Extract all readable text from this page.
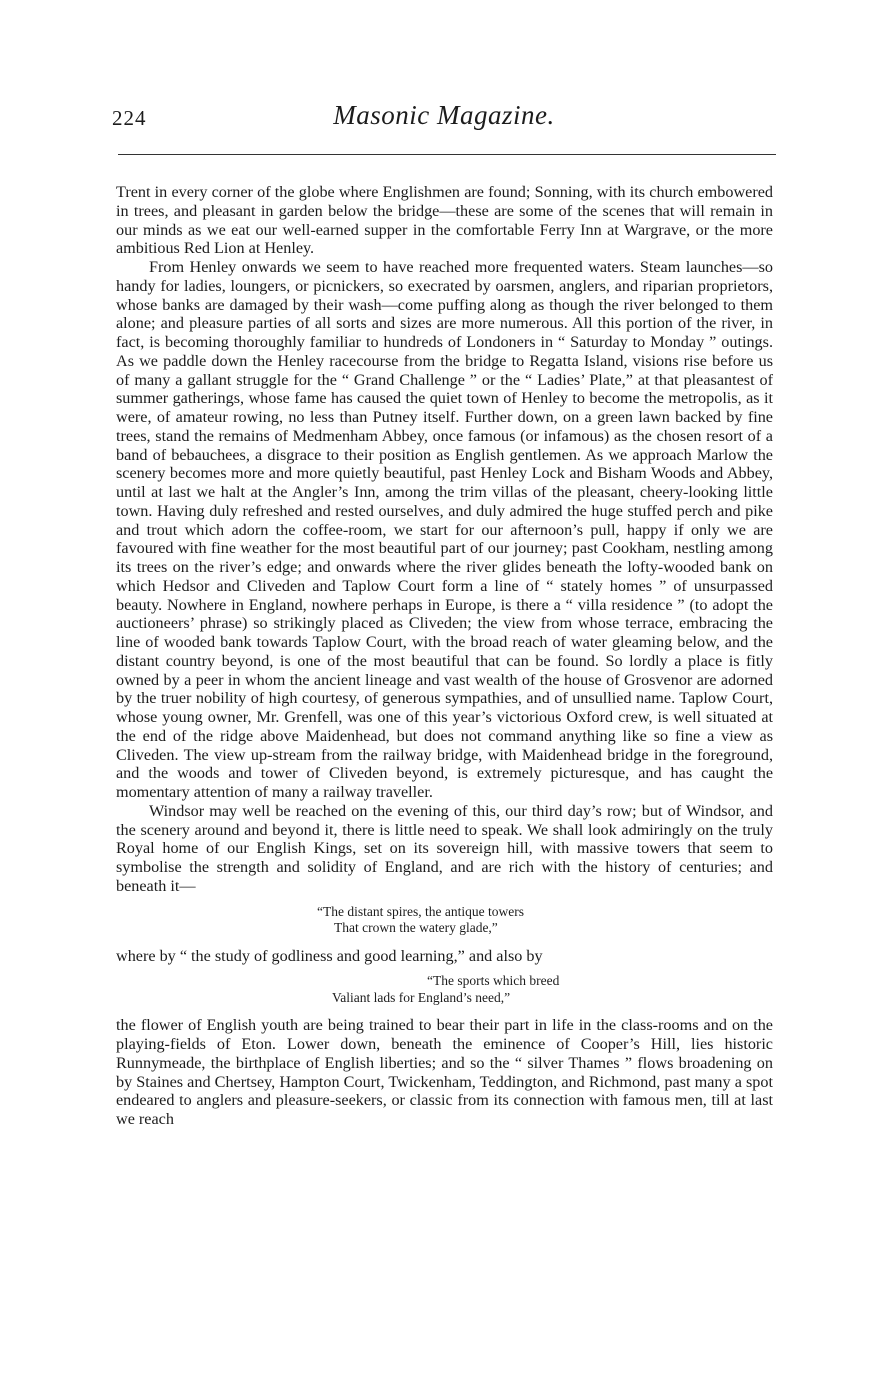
224	Masonic Magazine.

Trent in every corner of the globe where Englishmen are found; Sonning, with its church embowered in trees, and pleasant in garden below the bridge—these are some of the scenes that will remain in our minds as we eat our well-earned supper in the comfortable Ferry Inn at Wargrave, or the more ambitious Red Lion at Henley.

From Henley onwards we seem to have reached more frequented waters. Steam launches—so handy for ladies, loungers, or picnickers, so execrated by oarsmen, anglers, and riparian proprietors, whose banks are damaged by their wash—come puffing along as though the river belonged to them alone; and pleasure parties of all sorts and sizes are more numerous. All this portion of the river, in fact, is becoming thoroughly familiar to hundreds of Londoners in “ Saturday to Monday ” outings. As we paddle down the Henley racecourse from the bridge to Regatta Island, visions rise before us of many a gallant struggle for the “ Grand Challenge ” or the “ Ladies’ Plate,” at that pleasantest of summer gatherings, whose fame has caused the quiet town of Henley to become the metropolis, as it were, of amateur rowing, no less than Putney itself. Further down, on a green lawn backed by fine trees, stand the remains of Medmenham Abbey, once famous (or infamous) as the chosen resort of a band of bebauchees, a disgrace to their position as English gentlemen. As we approach Marlow the scenery becomes more and more quietly beautiful, past Henley Lock and Bisham Woods and Abbey, until at last we halt at the Angler’s Inn, among the trim villas of the pleasant, cheery-looking little town. Having duly refreshed and rested ourselves, and duly admired the huge stuffed perch and pike and trout which adorn the coffee-room, we start for our afternoon’s pull, happy if only we are favoured with fine weather for the most beautiful part of our journey; past Cookham, nestling among its trees on the river’s edge; and onwards where the river glides beneath the lofty-wooded bank on which Hedsor and Cliveden and Taplow Court form a line of “ stately homes ” of unsurpassed beauty. Nowhere in England, nowhere perhaps in Europe, is there a “ villa residence ” (to adopt the auctioneers’ phrase) so strikingly placed as Cliveden; the view from whose terrace, embracing the line of wooded bank towards Taplow Court, with the broad reach of water gleaming below, and the distant country beyond, is one of the most beautiful that can be found. So lordly a place is fitly owned by a peer in whom the ancient lineage and vast wealth of the house of Grosvenor are adorned by the truer nobility of high courtesy, of generous sympathies, and of unsullied name. Taplow Court, whose young owner, Mr. Grenfell, was one of this year’s victorious Oxford crew, is well situated at the end of the ridge above Maidenhead, but does not command anything like so fine a view as Cliveden. The view up-stream from the railway bridge, with Maidenhead bridge in the foreground, and the woods and tower of Cliveden beyond, is extremely picturesque, and has caught the momentary attention of many a railway traveller.

Windsor may well be reached on the evening of this, our third day’s row; but of Windsor, and the scenery around and beyond it, there is little need to speak. We shall look admiringly on the truly Royal home of our English Kings, set on its sovereign hill, with massive towers that seem to symbolise the strength and solidity of England, and are rich with the history of centuries; and beneath it—

“The distant spires, the antique towers
That crown the watery glade,”

where by “ the study of godliness and good learning,” and also by

“The sports which breed
Valiant lads for England’s need,”

the flower of English youth are being trained to bear their part in life in the class-rooms and on the playing-fields of Eton. Lower down, beneath the eminence of Cooper’s Hill, lies historic Runnymeade, the birthplace of English liberties; and so the “ silver Thames ” flows broadening on by Staines and Chertsey, Hampton Court, Twickenham, Teddington, and Richmond, past many a spot endeared to anglers and pleasure-seekers, or classic from its connection with famous men, till at last we reach
